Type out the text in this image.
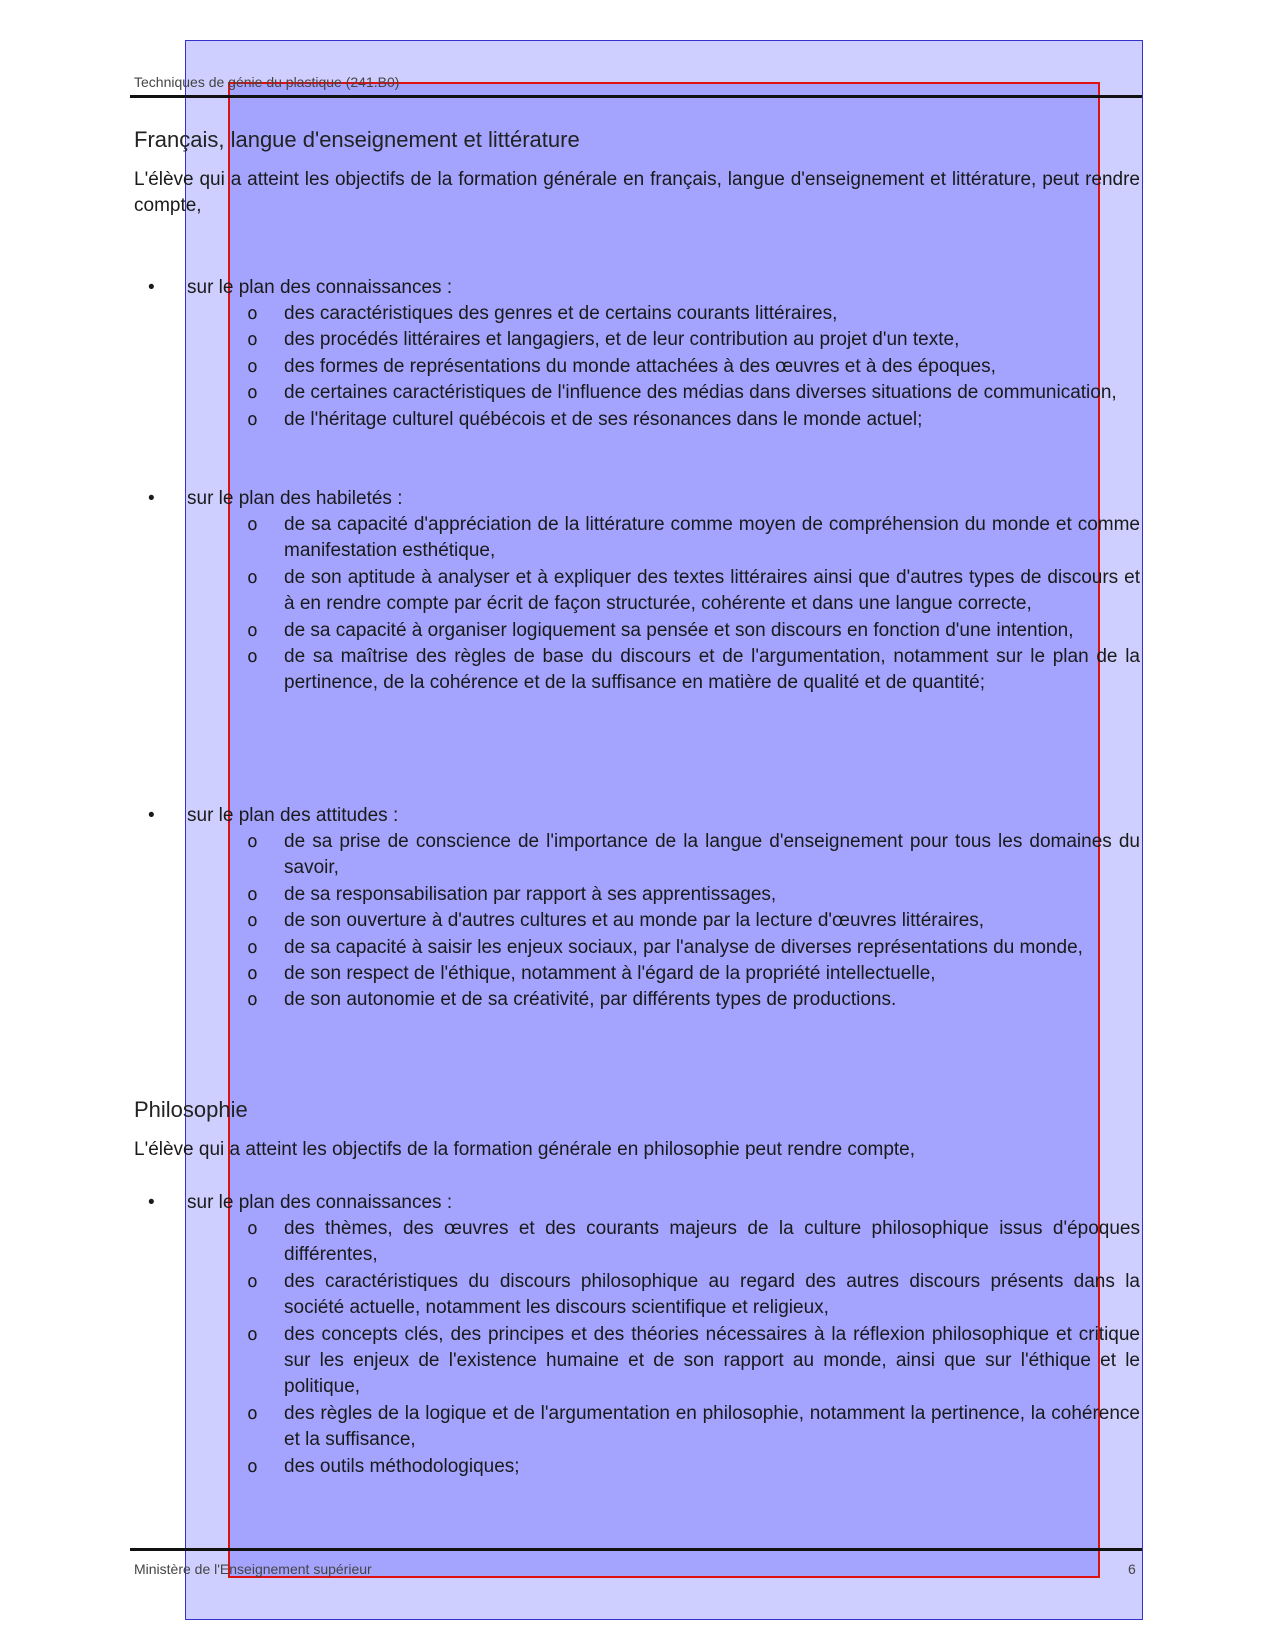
Techniques de génie du plastique (241.B0)
Français, langue d'enseignement et littérature

L'élève qui a atteint les objectifs de la formation générale en français, langue d'enseignement et littérature, peut rendre compte,

• sur le plan des connaissances :
o des caractéristiques des genres et de certains courants littéraires,
o des procédés littéraires et langagiers, et de leur contribution au projet d'un texte,
o des formes de représentations du monde attachées à des œuvres et à des époques,
o de certaines caractéristiques de l'influence des médias dans diverses situations de communication,
o de l'héritage culturel québécois et de ses résonances dans le monde actuel;
• sur le plan des habiletés :
o de sa capacité d'appréciation de la littérature comme moyen de compréhension du monde et comme manifestation esthétique,
o de son aptitude à analyser et à expliquer des textes littéraires ainsi que d'autres types de discours et à en rendre compte par écrit de façon structurée, cohérente et dans une langue correcte,
o de sa capacité à organiser logiquement sa pensée et son discours en fonction d'une intention,
o de sa maîtrise des règles de base du discours et de l'argumentation, notamment sur le plan de la pertinence, de la cohérence et de la suffisance en matière de qualité et de quantité;
• sur le plan des attitudes :
o de sa prise de conscience de l'importance de la langue d'enseignement pour tous les domaines du savoir,
o de sa responsabilisation par rapport à ses apprentissages,
o de son ouverture à d'autres cultures et au monde par la lecture d'œuvres littéraires,
o de sa capacité à saisir les enjeux sociaux, par l'analyse de diverses représentations du monde,
o de son respect de l'éthique, notamment à l'égard de la propriété intellectuelle,
o de son autonomie et de sa créativité, par différents types de productions.
Philosophie

L'élève qui a atteint les objectifs de la formation générale en philosophie peut rendre compte,

• sur le plan des connaissances :
o des thèmes, des œuvres et des courants majeurs de la culture philosophique issus d'époques différentes,
o des caractéristiques du discours philosophique au regard des autres discours présents dans la société actuelle, notamment les discours scientifique et religieux,
o des concepts clés, des principes et des théories nécessaires à la réflexion philosophique et critique sur les enjeux de l'existence humaine et de son rapport au monde, ainsi que sur l'éthique et le politique,
o des règles de la logique et de l'argumentation en philosophie, notamment la pertinence, la cohérence et la suffisance,
o des outils méthodologiques;
Ministère de l'Enseignement supérieur	6
